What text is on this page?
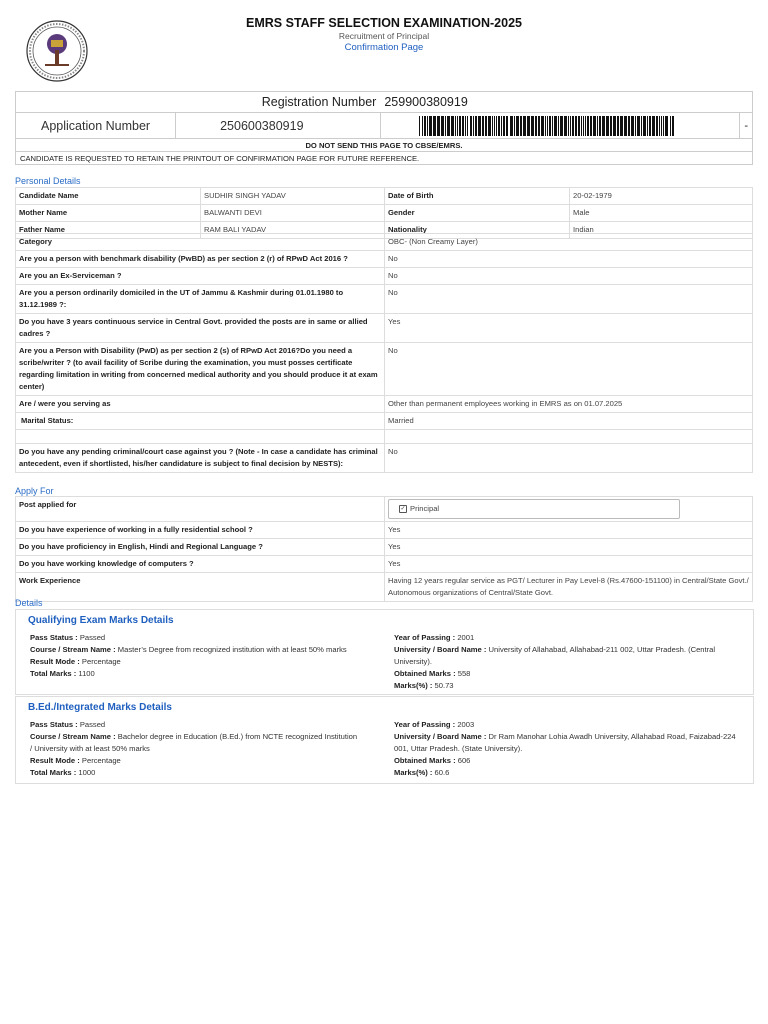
EMRS STAFF SELECTION EXAMINATION-2025
Recruitment of Principal
Confirmation Page
Registration Number		259900380919	
Application Number	250600380919		-
DO NOT SEND THIS PAGE TO CBSE/EMRS.			
CANDIDATE IS REQUESTED TO RETAIN THE PRINTOUT OF CONFIRMATION PAGE FOR FUTURE REFERENCE.			
Personal Details
Candidate Name	SUDHIR SINGH YADAV	Date of Birth	20-02-1979
Mother Name	BALWANTI DEVI	Gender	Male
Father Name	RAM BALI YADAV	Nationality	Indian
Category	OBC- (Non Creamy Layer)
Are you a person with benchmark disability (PwBD) as per section 2 (r) of RPwD Act 2016 ?	No
Are you an Ex-Serviceman ?	No
Are you a person ordinarily domiciled in the UT of Jammu & Kashmir during 01.01.1980 to 31.12.1989 ?:	No
Do you have 3 years continuous service in Central Govt. provided the posts are in same or allied cadres ?	Yes
Are you a Person with Disability (PwD) as per section 2 (s) of RPwD Act 2016?Do you need a scribe/writer ? (to avail facility of Scribe during the examination, you must posses certificate regarding limitation in writing from concerned medical authority and you should produce it at exam center)	No
Are / were you serving as	Other than permanent employees working in EMRS as on 01.07.2025
Marital Status:	Married

Do you have any pending criminal/court case against you ? (Note - In case a candidate has criminal antecedent, even if shortlisted, his/her candidature is subject to final decision by NESTS):	No
Apply For
Post applied for	✓ Principal

Do you have experience of working in a fully residential school ?	Yes
Do you have proficiency in English, Hindi and Regional Language ?	Yes
Do you have working knowledge of computers ?	Yes
Work Experience	Having 12 years regular service as PGT/ Lecturer in Pay Level-8 (Rs.47600-151100) in Central/State Govt./ Autonomous organizations of Central/State Govt.
Details
Qualifying Exam Marks Details
Pass Status : Passed
Course / Stream Name : Master’s Degree from recognized institution with at least 50% marks
Result Mode : Percentage
Total Marks : 1100
Year of Passing : 2001
University / Board Name : University of Allahabad, Allahabad-211 002, Uttar Pradesh. (Central University).
Obtained Marks : 558
Marks(%) : 50.73
B.Ed./Integrated Marks Details
Pass Status : Passed
Course / Stream Name : Bachelor degree in Education (B.Ed.) from NCTE recognized Institution / University with at least 50% marks
Result Mode : Percentage
Total Marks : 1000
Year of Passing : 2003
University / Board Name : Dr Ram Manohar Lohia Awadh University, Allahabad Road, Faizabad-224 001, Uttar Pradesh. (State University).
Obtained Marks : 606
Marks(%) : 60.6
